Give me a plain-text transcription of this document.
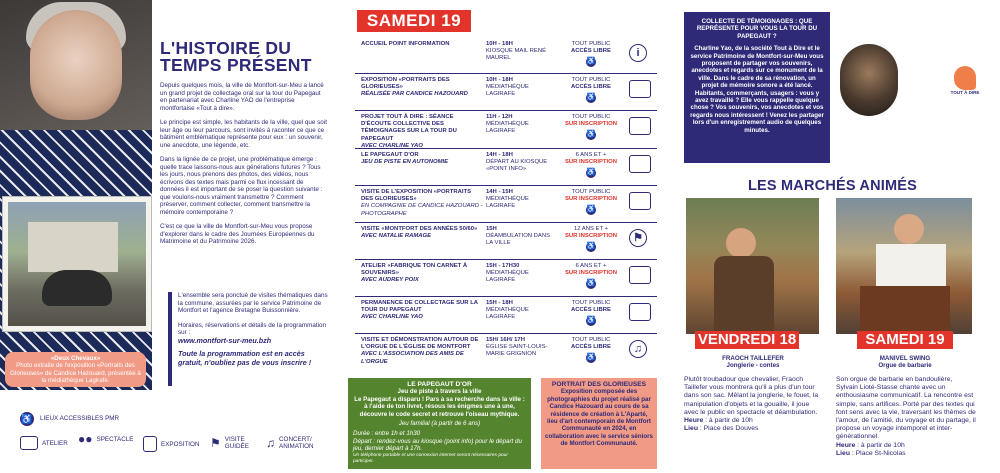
«Deux Chevaux»
Photo extraite de l'exposition «Portraits des Glorieuses» de Candice Hazouard, présentée à la médiathèque Lagirafe.
L'HISTOIRE DU
TEMPS PRÉSENT

Depuis quelques mois, la ville de Montfort-sur-Meu a lancé un grand projet de collectage oral sur la tour du Papegaut en partenariat avec Charline YAO de l'entreprise montfortaise «Tout à dire».

Le principe est simple, les habitants de la ville, quel que soit leur âge ou leur parcours, sont invités à raconter ce que ce bâtiment emblématique représente pour eux : un souvenir, une anecdote, une légende, etc.

Dans la lignée de ce projet, une problématique émerge : quelle trace laissons-nous aux générations futures ? Tous les jours, nous prenons des photos, des vidéos, nous écrivons des textes mais parmi ce flux incessant de données il est important de se poser la question suivante : que voulons-nous vraiment transmettre ? Comment préserver, comment collecter, comment transmettre la mémoire contemporaine ?

C'est ce que la ville de Montfort-sur-Meu vous propose d'explorer dans le cadre des Journées Européennes du Matrimoine et du Patrimoine 2026.

L'ensemble sera ponctué de visites thématiques dans la commune, assurées par le service Patrimoine de Montfort et l'agence Bretagne Buissonnière.

Horaires, réservations et détails de la programmation sur :

www.montfort-sur-meu.bzh

Toute la programmation est en accès gratuit, n'oubliez pas de vous inscrire !

♿ LIEUX ACCESSIBLES PMR
ATELIER ●● SPECTACLE
EXPOSITION ⚑ VISITE GUIDÉE ♫ CONCERT/ ANIMATION
SAMEDI 19
ACCUEIL POINT INFORMATION	10H - 18H
KIOSQUE MAIL RENÉ MAUREL
TOUT PUBLIC
ACCÈS LIBRE
♿
i
EXPOSITION «PORTRAITS DES GLORIEUSES»
RÉALISÉE PAR CANDICE HAZOUARD
10H - 18H
MÉDIATHÈQUE LAGIRAFE
TOUT PUBLIC
ACCÈS LIBRE
♿
PROJET TOUT À DIRE : SÉANCE D'ÉCOUTE COLLECTIVE DES TÉMOIGNAGES SUR LA TOUR DU PAPEGAUT
AVEC CHARLINE YAO
11H - 12H
MÉDIATHÈQUE LAGIRAFE
TOUT PUBLIC
SUR INSCRIPTION
♿
LE PAPEGAUT D'OR
JEU DE PISTE EN AUTONOMIE
14H - 18H
DÉPART AU KIOSQUE «POINT INFO»
6 ANS ET +
SUR INSCRIPTION
♿
VISITE DE L'EXPOSITION «PORTRAITS DES GLORIEUSES»
EN COMPAGNIE DE CANDICE HAZOUARD - PHOTOGRAPHE
14H - 15H
MÉDIATHÈQUE LAGIRAFE
TOUT PUBLIC
SUR INSCRIPTION
♿
VISITE «MONTFORT DES ANNÉES 50/60»
AVEC NATALIE RAMAGE
15H
DÉAMBULATION DANS LA VILLE
12 ANS ET +
SUR INSCRIPTION
♿
⚑
ATELIER «FABRIQUE TON CARNET À SOUVENIRS»
AVEC AUDREY POIX
15H - 17H30
MÉDIATHÈQUE LAGIRAFE
6 ANS ET +
SUR INSCRIPTION
♿
PERMANENCE DE COLLECTAGE SUR LA TOUR DU PAPEGAUT
AVEC CHARLINE YAO
15H - 18H
MÉDIATHÈQUE LAGIRAFE
TOUT PUBLIC
ACCÈS LIBRE
♿
VISITE ET DÉMONSTRATION AUTOUR DE L'ORGUE DE L'ÉGLISE DE MONTFORT
AVEC L'ASSOCIATION DES AMIS DE L'ORGUE
15H/ 16H/ 17H
ÉGLISE SAINT-LOUIS-MARIE GRIGNION
TOUT PUBLIC
ACCÈS LIBRE
♿
♫
LE PAPEGAUT D'OR
Jeu de piste à travers la ville
Le Papegaut a disparu ! Pars à sa recherche dans la ville : à l'aide de ton livret, résous les énigmes une à une, découvre le code secret et retrouve l'oiseau mythique.
Jeu familial (à partir de 6 ans)
Durée : entre 1h et 1h30
Départ : rendez-vous au kiosque (point info) pour le départ du jeu, dernier départ à 17h.
Un téléphone portable et une connexion internet seront nécessaires pour participer.
PORTRAIT DES GLORIEUSES
Exposition composée des photographies du projet réalisé par Candice Hazouard au cours de sa résidence de création à L'Aparté, lieu d'art contemporain de Montfort Communauté en 2024, en collaboration avec le service séniors de Montfort Communauté.
COLLECTE DE TÉMOIGNAGES : QUE REPRÉSENTE POUR VOUS LA TOUR DU PAPEGAUT ?
Charline Yao, de la société Tout à Dire et le service Patrimoine de Montfort-sur-Meu vous proposent de partager vos souvenirs, anecdotes et regards sur ce monument de la ville. Dans le cadre de sa rénovation, un projet de mémoire sonore a été lancé. Habitants, commerçants, usagers : vous y avez travaillé ? Elle vous rappelle quelque chose ? Vos souvenirs, vos anecdotes et vos regards nous intéressent ! Venez les partager lors d'un enregistrement audio de quelques minutes.
TOUT À DIRE
LES MARCHÉS ANIMÉS
VENDREDI 18	SAMEDI 19
FRAOCH TAILLEFER
Jonglerie - contes
Plutôt troubadour que chevalier, Fraoch Taillefer vous montrera qu'il a plus d'un tour dans son sac. Mêlant la jonglerie, le fouet, la manipulation d'objets et la gouaille, il joue avec le public en spectacle et déambulation.
Heure : à partir de 10h
Lieu : Place des Douves
MANIVEL SWING
Orgue de barbarie
Son orgue de barbarie en bandoulière, Sylvain Lioté-Stasse chante avec un enthousiasme communicatif. La rencontre est simple, sans artifices. Porté par des textes qui font sens avec la vie, traversant les thèmes de l'amour, de l'amitié, du voyage et du partage, il propose un voyage intemporel et inter-générationnel.
Heure : à partir de 10h
Lieu : Place St-Nicolas
